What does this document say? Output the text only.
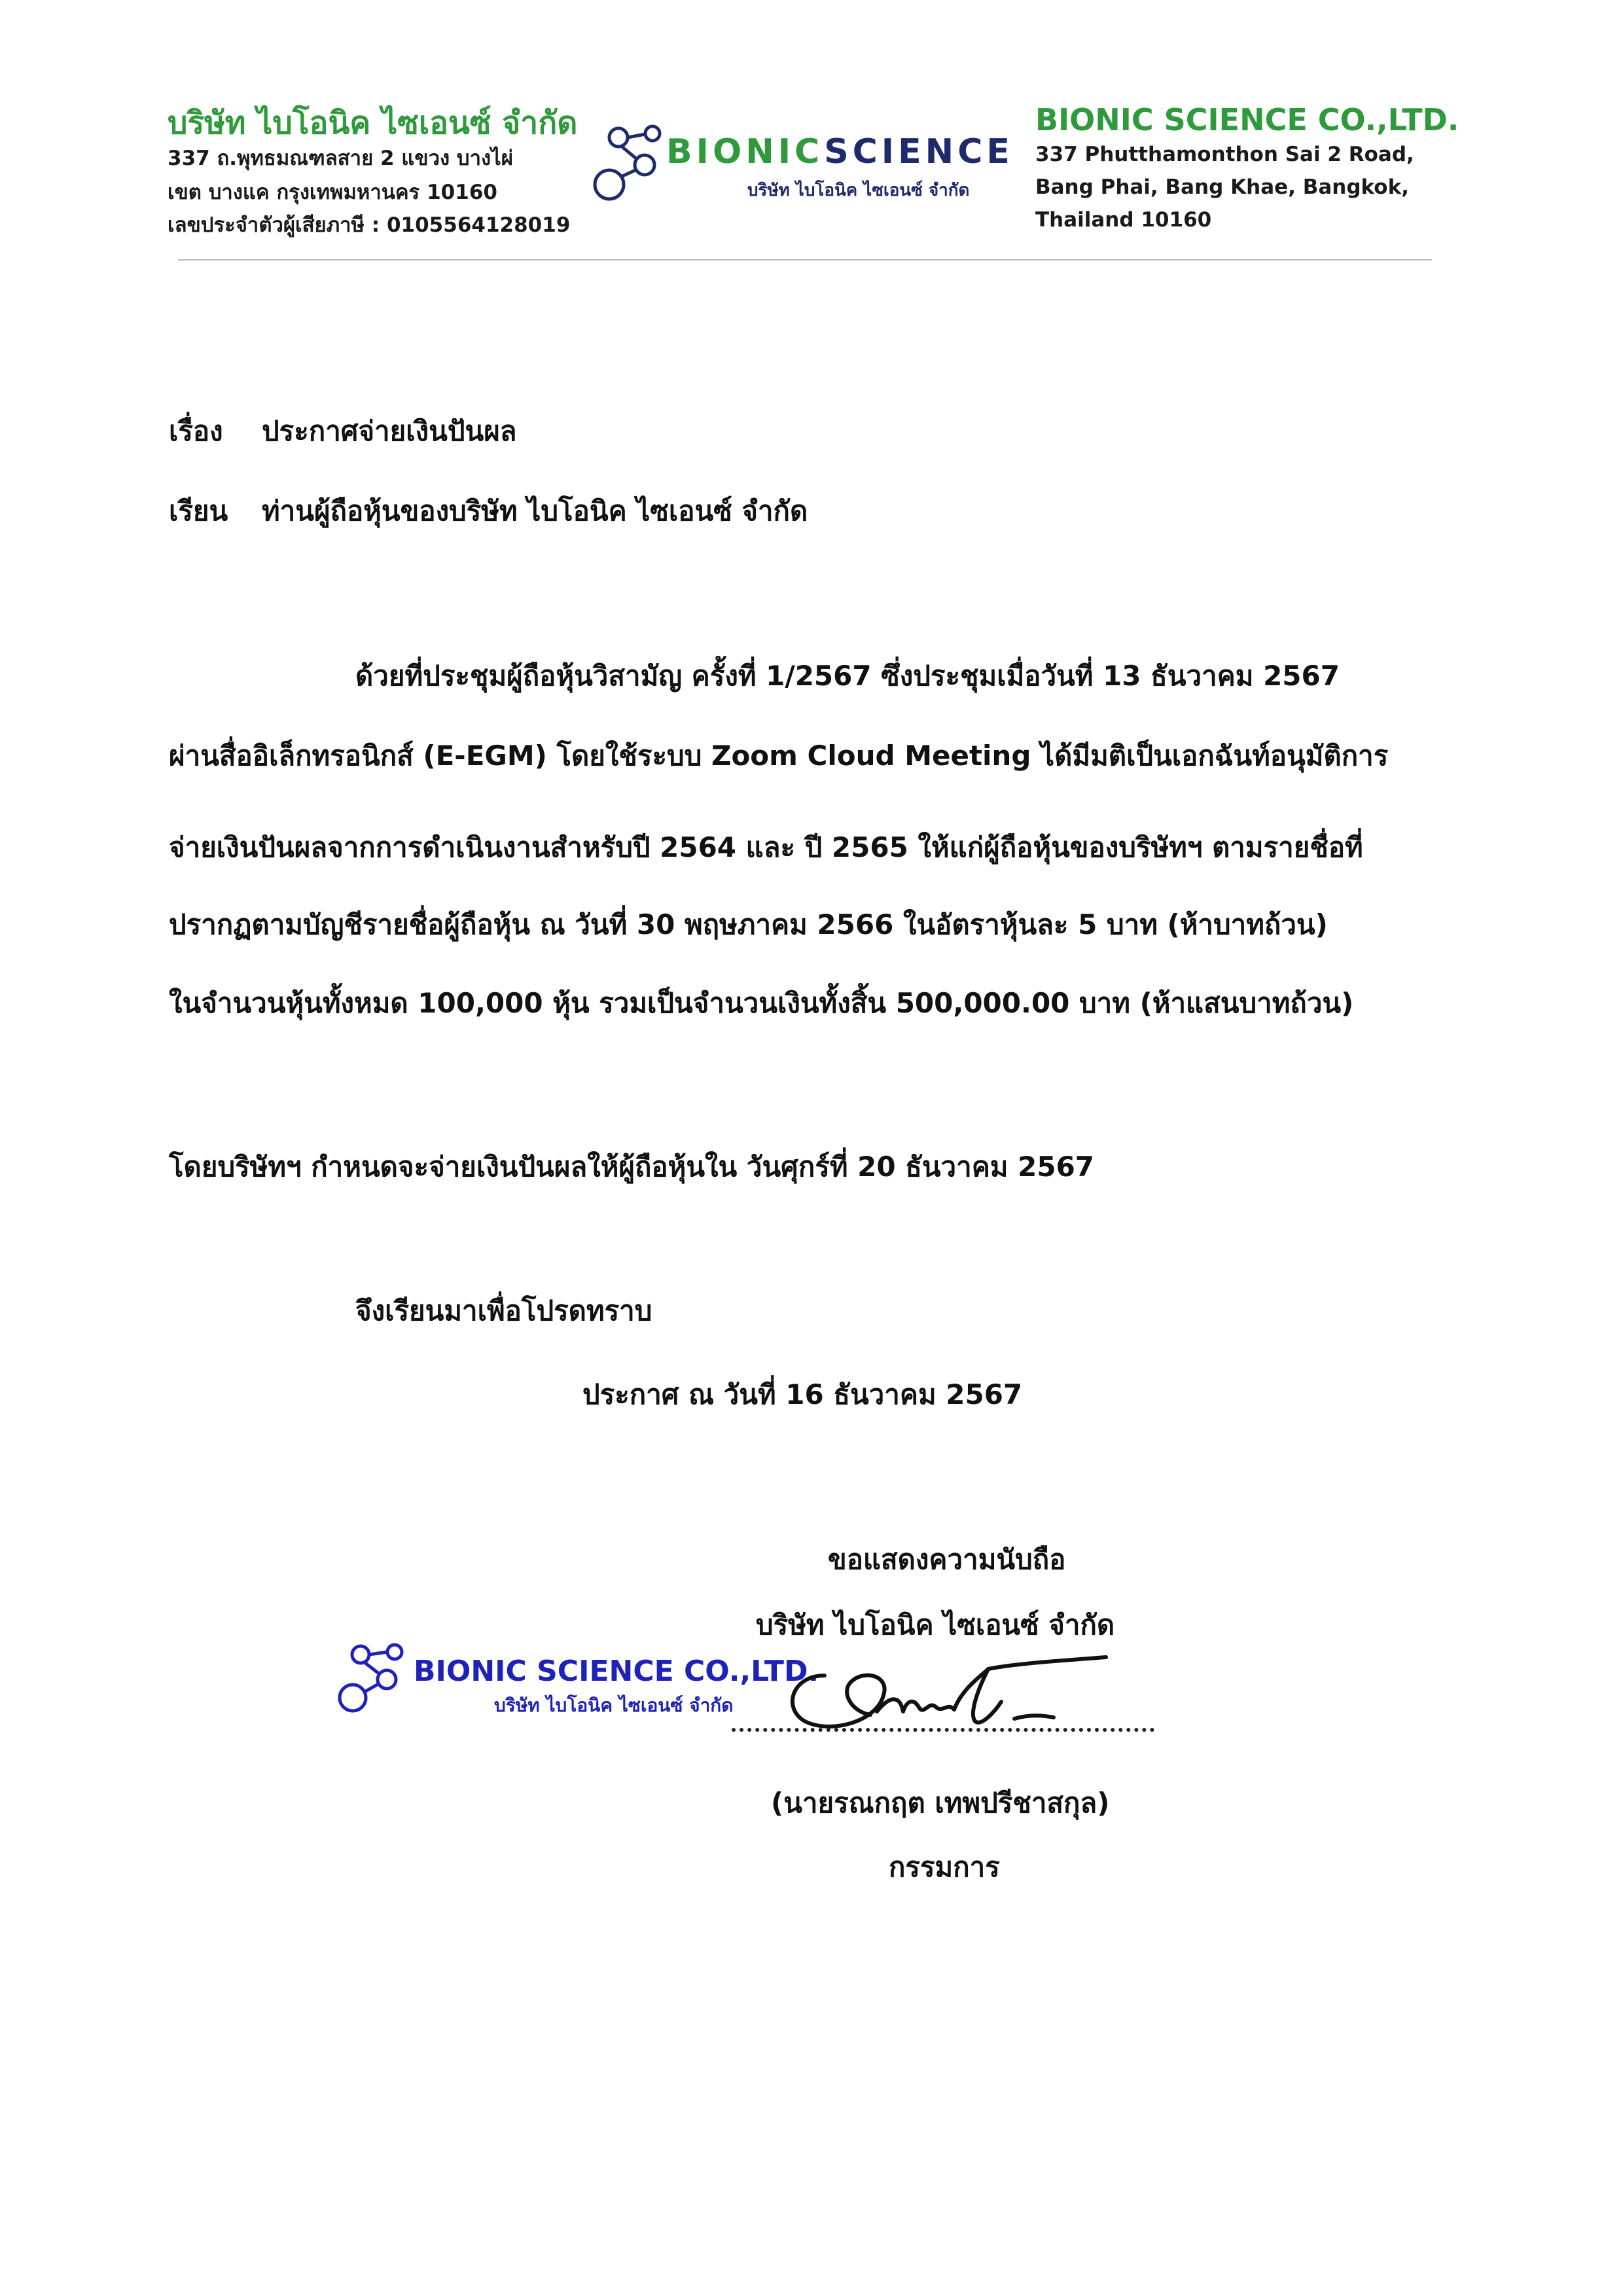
บริษัท ไบโอนิค ไซเอนซ์ จำกัด
337 ถ.พุทธมณฑลสาย 2 แขวง บางไผ่
เขต บางแค กรุงเทพมหานคร 10160
เลขประจำตัวผู้เสียภาษี : 0105564128019
BIONICSCIENCE
บริษัท ไบโอนิค ไซเอนซ์ จำกัด
BIONIC SCIENCE CO.,LTD.
337 Phutthamonthon Sai 2 Road,
Bang Phai, Bang Khae, Bangkok,
Thailand 10160
เรื่อง ประกาศจ่ายเงินปันผล
เรียน ท่านผู้ถือหุ้นของบริษัท ไบโอนิค ไซเอนซ์ จำกัด
ด้วยที่ประชุมผู้ถือหุ้นวิสามัญ ครั้งที่ 1/2567 ซึ่งประชุมเมื่อวันที่ 13 ธันวาคม 2567
ผ่านสื่ออิเล็กทรอนิกส์ (E-EGM) โดยใช้ระบบ Zoom Cloud Meeting ได้มีมติเป็นเอกฉันท์อนุมัติการ
จ่ายเงินปันผลจากการดำเนินงานสำหรับปี 2564 และ ปี 2565 ให้แก่ผู้ถือหุ้นของบริษัทฯ ตามรายชื่อที่
ปรากฏตามบัญชีรายชื่อผู้ถือหุ้น ณ วันที่ 30 พฤษภาคม 2566 ในอัตราหุ้นละ 5 บาท (ห้าบาทถ้วน)
ในจำนวนหุ้นทั้งหมด 100,000 หุ้น รวมเป็นจำนวนเงินทั้งสิ้น 500,000.00 บาท (ห้าแสนบาทถ้วน)
โดยบริษัทฯ กำหนดจะจ่ายเงินปันผลให้ผู้ถือหุ้นใน วันศุกร์ที่ 20 ธันวาคม 2567
จึงเรียนมาเพื่อโปรดทราบ
ประกาศ ณ วันที่ 16 ธันวาคม 2567
ขอแสดงความนับถือ
บริษัท ไบโอนิค ไซเอนซ์ จำกัด
BIONIC SCIENCE CO.,LTD.
บริษัท ไบโอนิค ไซเอนซ์ จำกัด
(นายรณกฤต เทพปรีชาสกุล)
กรรมการ
